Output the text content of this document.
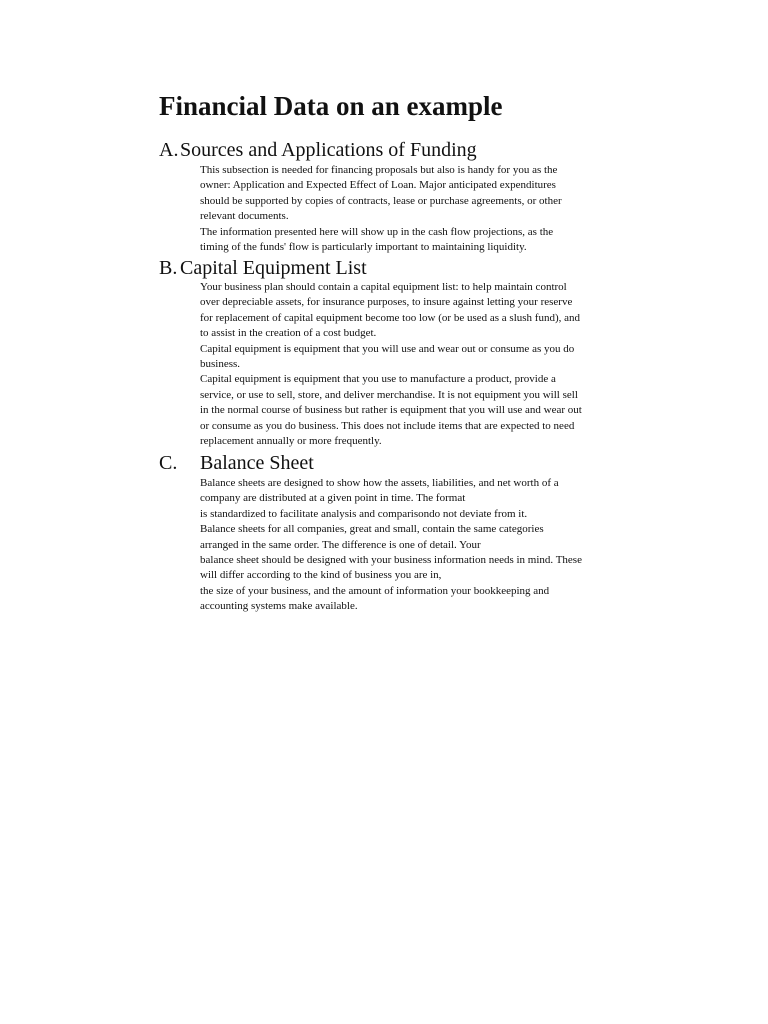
Financial Data on an example
A. Sources and Applications of Funding
This subsection is needed for financing proposals but also is handy for you as the
owner: Application and Expected Effect of Loan. Major anticipated expenditures
should be supported by copies of contracts, lease or purchase agreements, or other
relevant documents.
The information presented here will show up in the cash flow projections, as the
timing of the funds' flow is particularly important to maintaining liquidity.
B. Capital Equipment List
Your business plan should contain a capital equipment list: to help maintain control
over depreciable assets, for insurance purposes, to insure against letting your reserve
for replacement of capital equipment become too low (or be used as a slush fund), and
to assist in the creation of a cost budget.
Capital equipment is equipment that you will use and wear out or consume as you do
business.
Capital equipment is equipment that you use to manufacture a product, provide a
service, or use to sell, store, and deliver merchandise. It is not equipment you will sell
in the normal course of business but rather is equipment that you will use and wear out
or consume as you do business. This does not include items that are expected to need
replacement annually or more frequently.
C. Balance Sheet
Balance sheets are designed to show how the assets, liabilities, and net worth of a
company are distributed at a given point in time. The format
is standardized to facilitate analysis and comparisondo not deviate from it.
Balance sheets for all companies, great and small, contain the same categories
arranged in the same order. The difference is one of detail. Your
balance sheet should be designed with your business information needs in mind. These
will differ according to the kind of business you are in,
the size of your business, and the amount of information your bookkeeping and
accounting systems make available.
